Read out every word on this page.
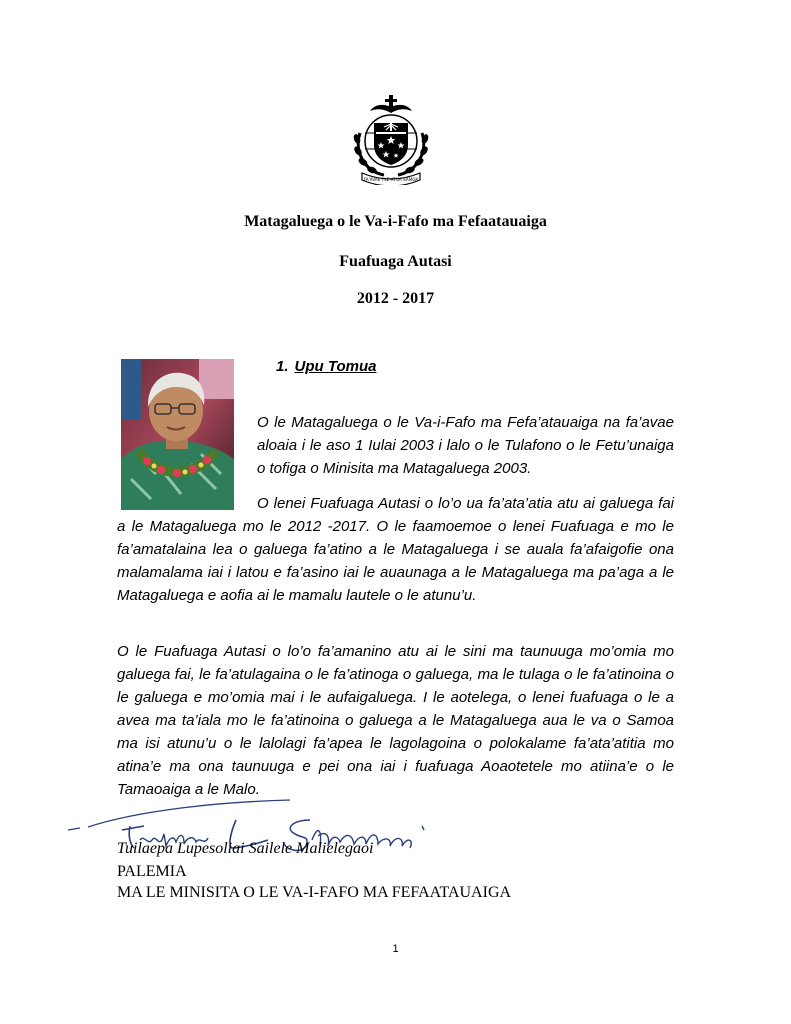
FA'AVAE I LE ATUA SAMOA
Matagaluega o le Va-i-Fafo ma Fefaatauaiga
Fuafuaga Autasi
2012 - 2017
1. Upu Tomua

O le Matagaluega o le Va-i-Fafo ma Fefa’atauaiga na fa’avae aloaia i le aso 1 Iulai 2003 i lalo o le Tulafono o le Fetu’unaiga o tofiga o Minisita ma Matagaluega 2003.

O lenei Fuafuaga Autasi o lo’o ua fa’ata’atia atu ai galuega fai a le Matagaluega mo le 2012 -2017. O le faamoemoe o lenei Fuafuaga e mo le fa’amatalaina lea o galuega fa’atino a le Matagaluega i se auala fa’afaigofie ona malamalama iai i latou e fa’asino iai le auaunaga a le Matagaluega ma pa’aga a le Matagaluega e aofia ai le mamalu lautele o le atunu’u.

O le Fuafuaga Autasi o lo’o fa’amanino atu ai le sini ma taunuuga mo’omia mo galuega fai, le fa’atulagaina o le fa’atinoga o galuega, ma le tulaga o le fa’atinoina o le galuega e mo’omia mai i le aufaigaluega. I le aotelega, o lenei fuafuaga o le a avea ma ta’iala mo le fa’atinoina o galuega a le Matagaluega aua le va o Samoa ma isi atunu’u o le lalolagi fa’apea le lagolagoina o polokalame fa’ata’atitia mo atina’e ma ona taunuuga e pei ona iai i fuafuaga Aoaotetele mo atiina’e o le Tamaoaiga a le Malo.

Tuilaepa Lupesoliai Sailele Malielegaoi
PALEMIA
MA LE MINISITA O LE VA-I-FAFO MA FEFAATAUAIGA
1
